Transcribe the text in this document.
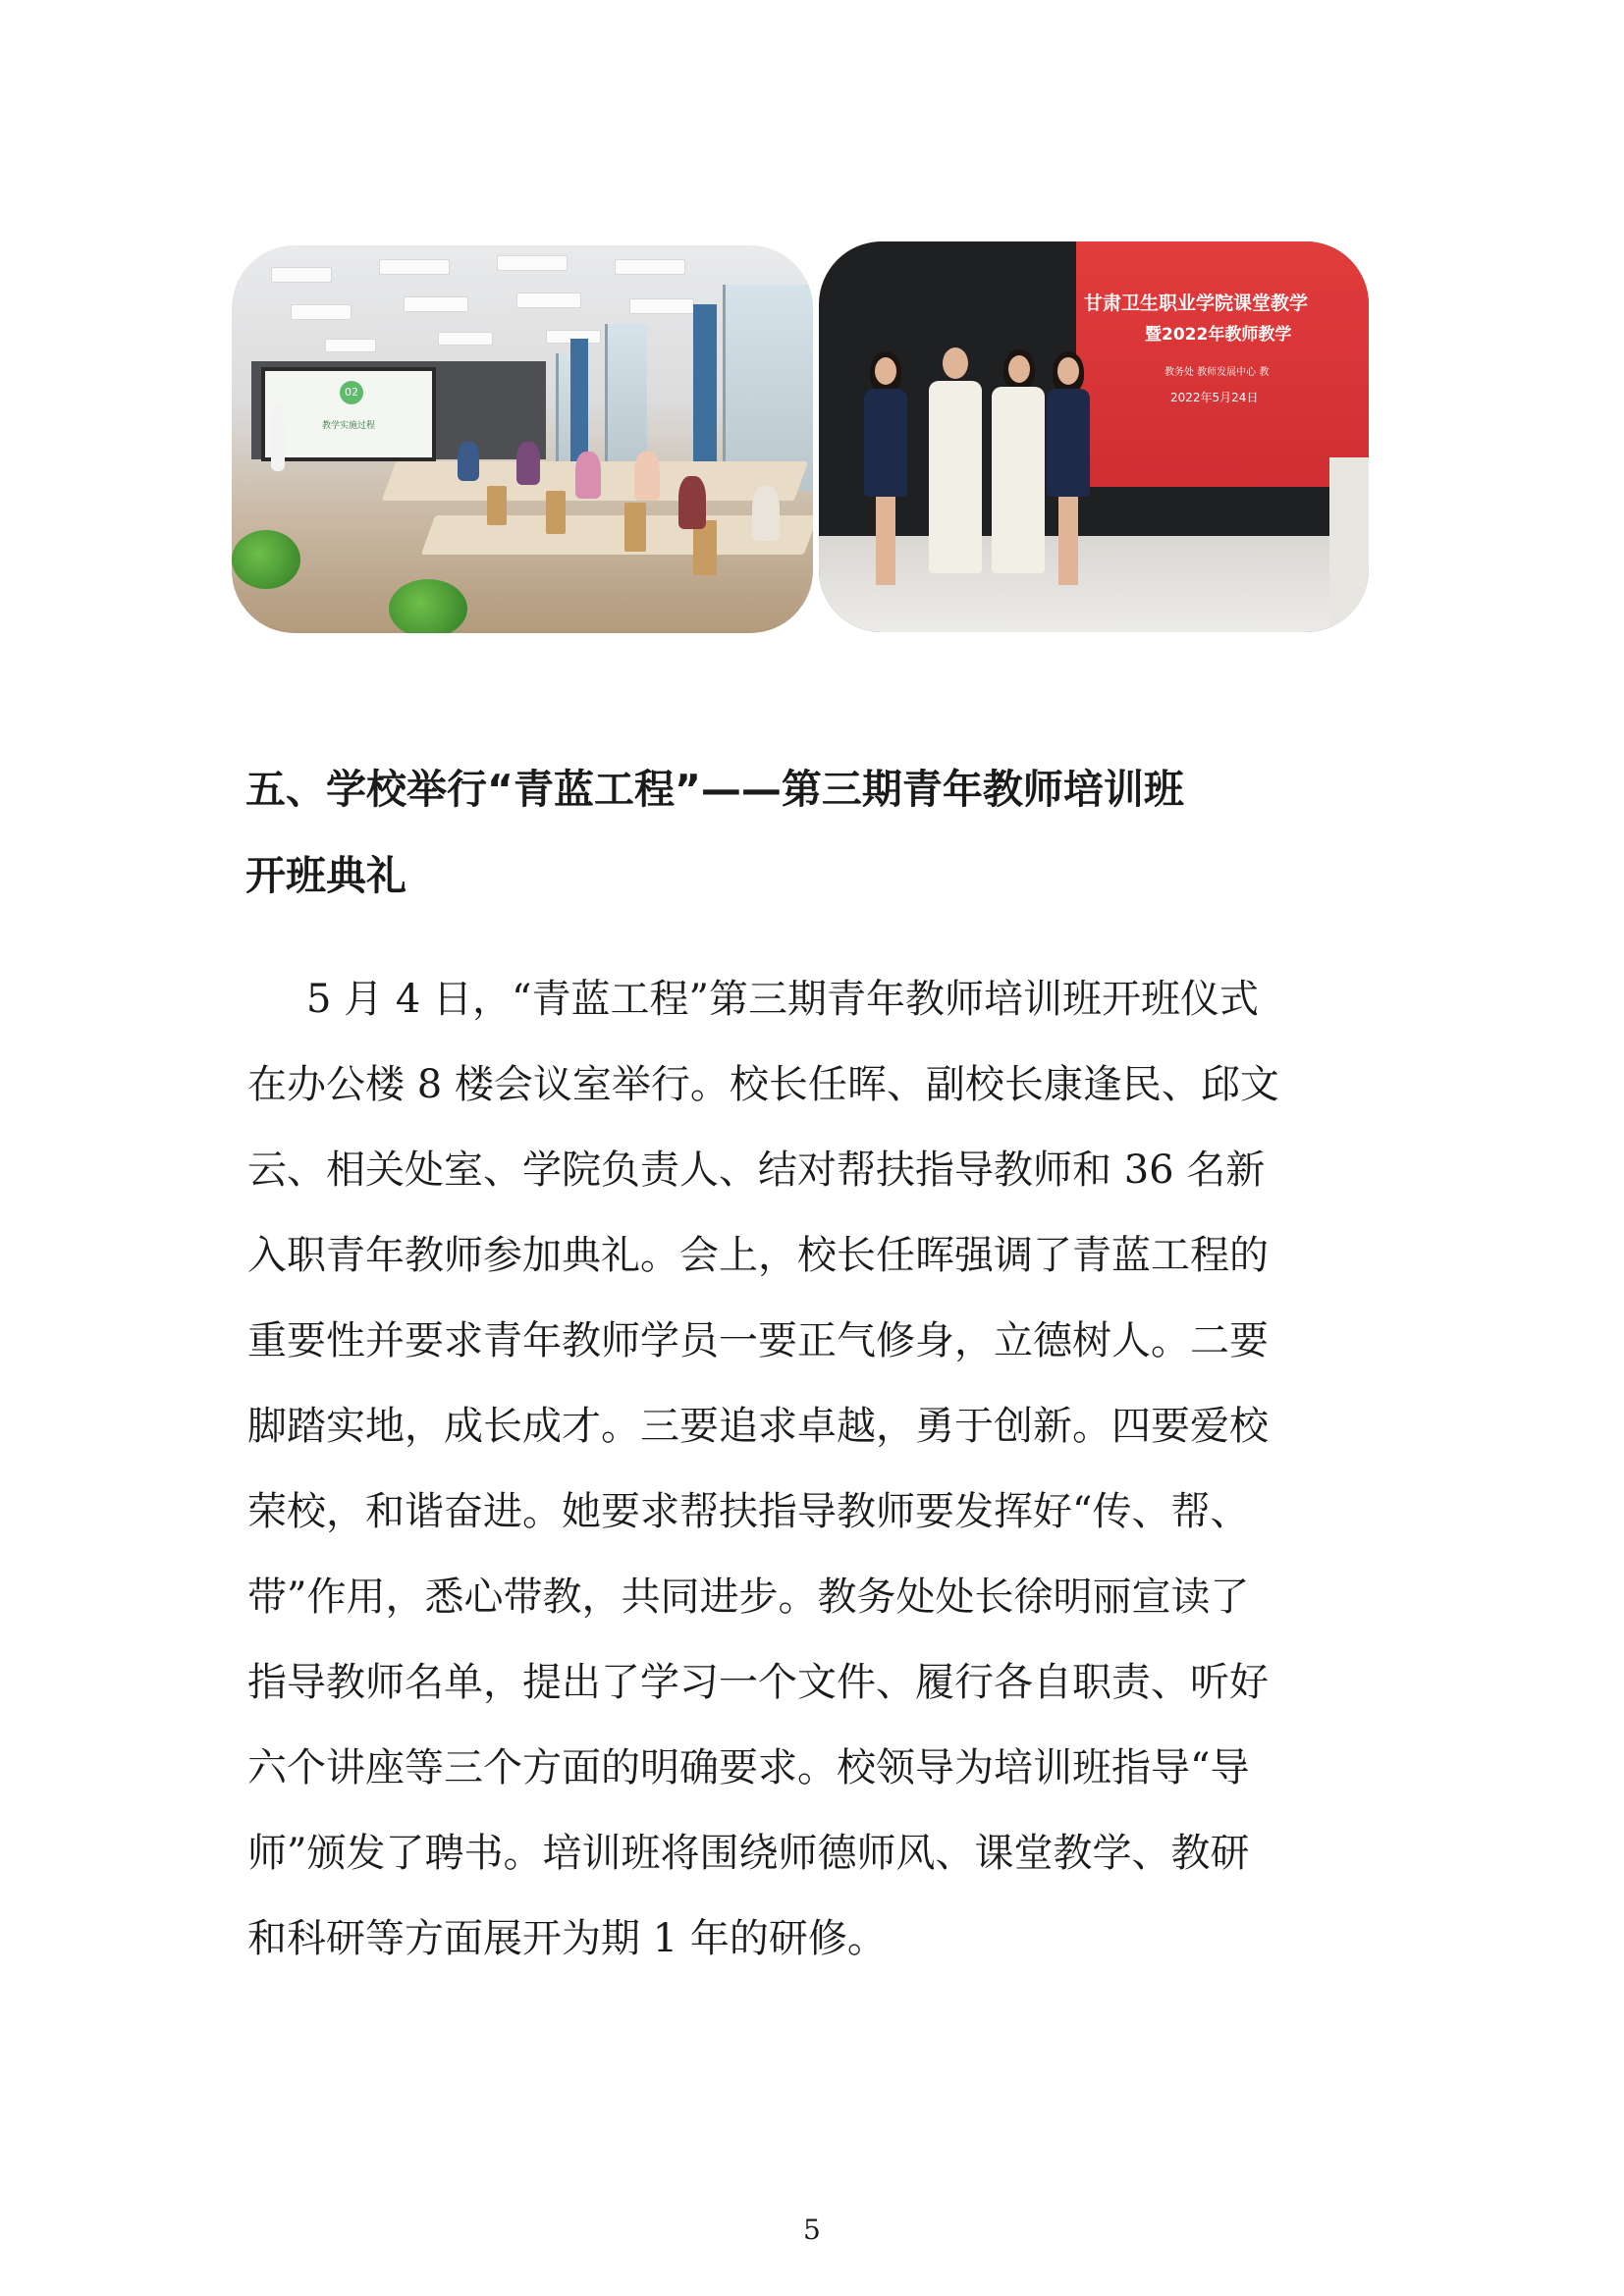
02
教学实施过程
甘肃卫生职业学院课堂教学
暨2022年教师教学
教务处 教师发展中心 教
2022年5月24日
五、学校举行“青蓝工程”——第三期青年教师培训班
开班典礼
5 月 4 日，“青蓝工程”第三期青年教师培训班开班仪式
在办公楼 8 楼会议室举行。校长任晖、副校长康逢民、邱文
云、相关处室、学院负责人、结对帮扶指导教师和 36 名新
入职青年教师参加典礼。会上，校长任晖强调了青蓝工程的
重要性并要求青年教师学员一要正气修身，立德树人。二要
脚踏实地，成长成才。三要追求卓越，勇于创新。四要爱校
荣校，和谐奋进。她要求帮扶指导教师要发挥好“传、帮、
带”作用，悉心带教，共同进步。教务处处长徐明丽宣读了
指导教师名单，提出了学习一个文件、履行各自职责、听好
六个讲座等三个方面的明确要求。校领导为培训班指导“导
师”颁发了聘书。培训班将围绕师德师风、课堂教学、教研
和科研等方面展开为期 1 年的研修。
5
